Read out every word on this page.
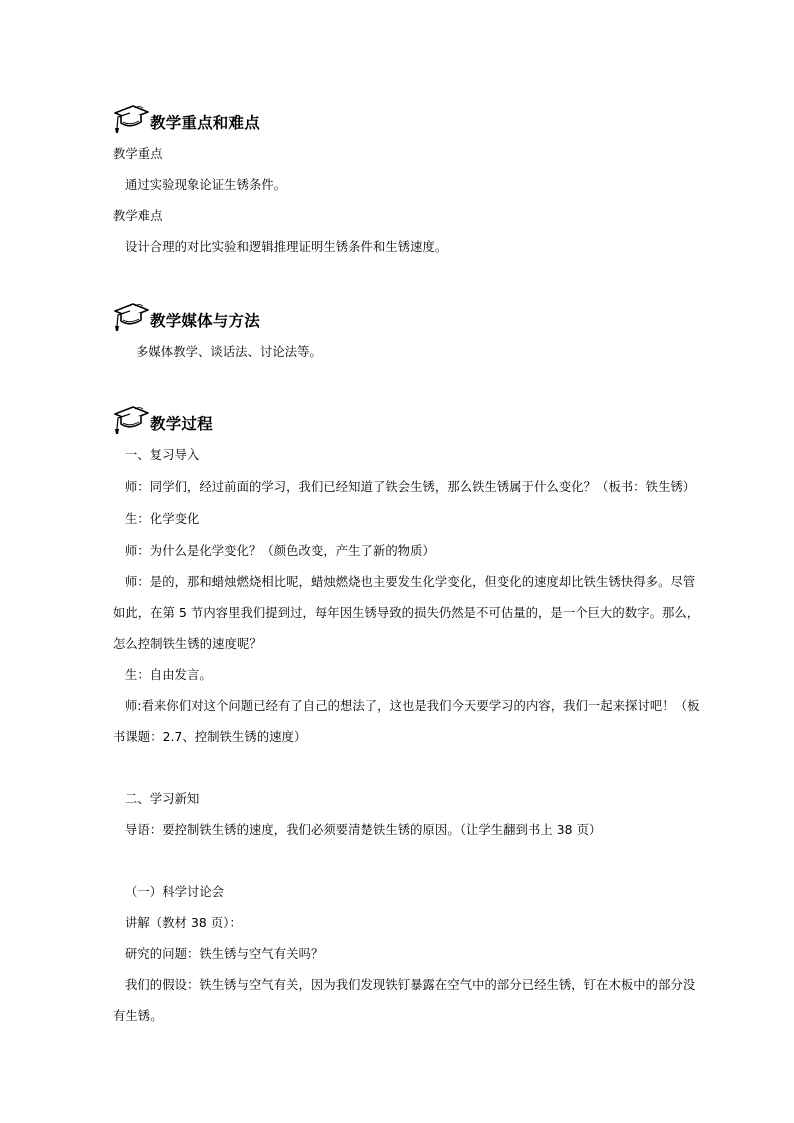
教学重点和难点
教学重点
通过实验现象论证生锈条件。
教学难点
设计合理的对比实验和逻辑推理证明生锈条件和生锈速度。
教学媒体与方法
多媒体教学、谈话法、讨论法等。
教学过程
一、复习导入
师：同学们，经过前面的学习，我们已经知道了铁会生锈，那么铁生锈属于什么变化？（板书：铁生锈）
生：化学变化
师：为什么是化学变化？（颜色改变，产生了新的物质）
师：是的，那和蜡烛燃烧相比呢，蜡烛燃烧也主要发生化学变化，但变化的速度却比铁生锈快得多。尽管
如此，在第 5 节内容里我们提到过，每年因生锈导致的损失仍然是不可估量的，是一个巨大的数字。那么，
怎么控制铁生锈的速度呢？
生：自由发言。
师:看来你们对这个问题已经有了自己的想法了，这也是我们今天要学习的内容，我们一起来探讨吧！（板
书课题：2.7、控制铁生锈的速度）
二、学习新知
导语：要控制铁生锈的速度，我们必须要清楚铁生锈的原因。（让学生翻到书上 38 页）
（一）科学讨论会
讲解（教材 38 页）：
研究的问题：铁生锈与空气有关吗？
我们的假设：铁生锈与空气有关，因为我们发现铁钉暴露在空气中的部分已经生锈，钉在木板中的部分没
有生锈。
